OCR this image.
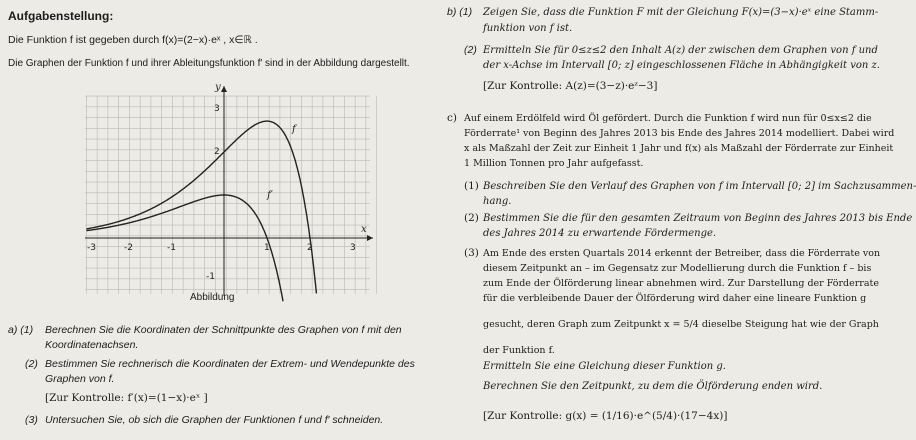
Aufgabenstellung:
Die Funktion f ist gegeben durch f(x)=(2−x)·eˣ , x∈ℝ .
Die Graphen der Funktion f und ihrer Ableitungsfunktion f′ sind in der Abbildung dargestellt.
x
y
-3	-2	-1	1	2	3
-1
2
3
f
f′
Abbildung
a) (1) Berechnen Sie die Koordinaten der Schnittpunkte des Graphen von f mit den
Koordinatenachsen.
(2) Bestimmen Sie rechnerisch die Koordinaten der Extrem- und Wendepunkte des
Graphen von f.
[Zur Kontrolle: f′(x)=(1−x)·eˣ ]
(3) Untersuchen Sie, ob sich die Graphen der Funktionen f und f′ schneiden.
b) (1) Zeigen Sie, dass die Funktion F mit der Gleichung F(x)=(3−x)·eˣ eine Stamm-
funktion von f ist.
(2) Ermitteln Sie für 0≤z≤2 den Inhalt A(z) der zwischen dem Graphen von f und
der x-Achse im Intervall [0; z] eingeschlossenen Fläche in Abhängigkeit von z.
[Zur Kontrolle: A(z)=(3−z)·eᶻ−3]
c) Auf einem Erdölfeld wird Öl gefördert. Durch die Funktion f wird nun für 0≤x≤2 die
Förderrate¹ von Beginn des Jahres 2013 bis Ende des Jahres 2014 modelliert. Dabei wird
x als Maßzahl der Zeit zur Einheit 1 Jahr und f(x) als Maßzahl der Förderrate zur Einheit
1 Million Tonnen pro Jahr aufgefasst.
(1) Beschreiben Sie den Verlauf des Graphen von f im Intervall [0; 2] im Sachzusammen-
hang.
(2) Bestimmen Sie die für den gesamten Zeitraum von Beginn des Jahres 2013 bis Ende
des Jahres 2014 zu erwartende Fördermenge.
(3) Am Ende des ersten Quartals 2014 erkennt der Betreiber, dass die Förderrate von
diesem Zeitpunkt an – im Gegensatz zur Modellierung durch die Funktion f – bis
zum Ende der Ölförderung linear abnehmen wird. Zur Darstellung der Förderrate
für die verbleibende Dauer der Ölförderung wird daher eine lineare Funktion g
gesucht, deren Graph zum Zeitpunkt x = 5/4 dieselbe Steigung hat wie der Graph
der Funktion f.
Ermitteln Sie eine Gleichung dieser Funktion g.
Berechnen Sie den Zeitpunkt, zu dem die Ölförderung enden wird.
[Zur Kontrolle: g(x) = (1/16)·e^(5/4)·(17−4x)]
